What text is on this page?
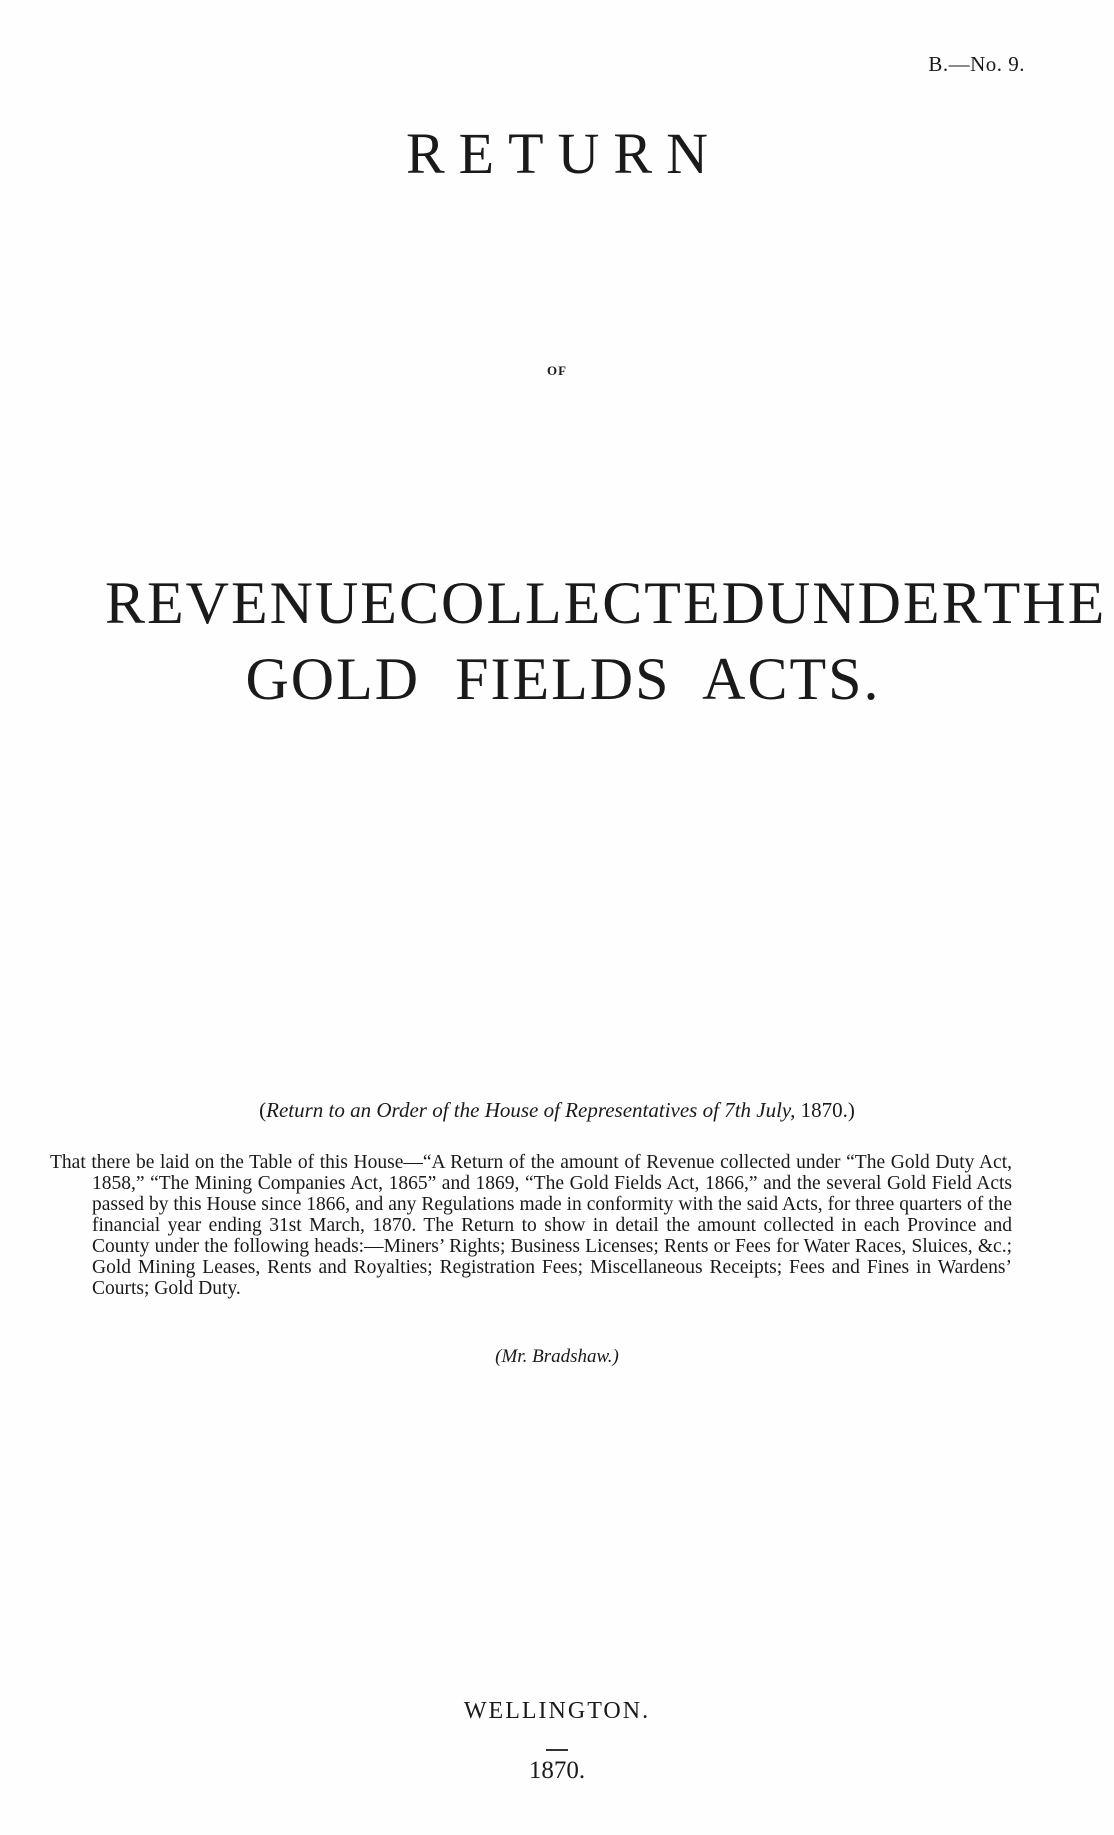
B.—No. 9.
RETURN
OF
REVENUE COLLECTED UNDER THE
GOLD FIELDS ACTS.
(Return to an Order of the House of Representatives of 7th July, 1870.)
That there be laid on the Table of this House—“A Return of the amount of Revenue collected under “The Gold Duty Act, 1858,” “The Mining Companies Act, 1865” and 1869, “The Gold Fields Act, 1866,” and the several Gold Field Acts passed by this House since 1866, and any Regulations made in conformity with the said Acts, for three quarters of the financial year ending 31st March, 1870. The Return to show in detail the amount collected in each Province and County under the following heads:—Miners’ Rights; Business Licenses; Rents or Fees for Water Races, Sluices, &c.; Gold Mining Leases, Rents and Royalties; Registration Fees; Miscellaneous Receipts; Fees and Fines in Wardens’ Courts; Gold Duty.
(Mr. Bradshaw.)
WELLINGTON.
1870.
